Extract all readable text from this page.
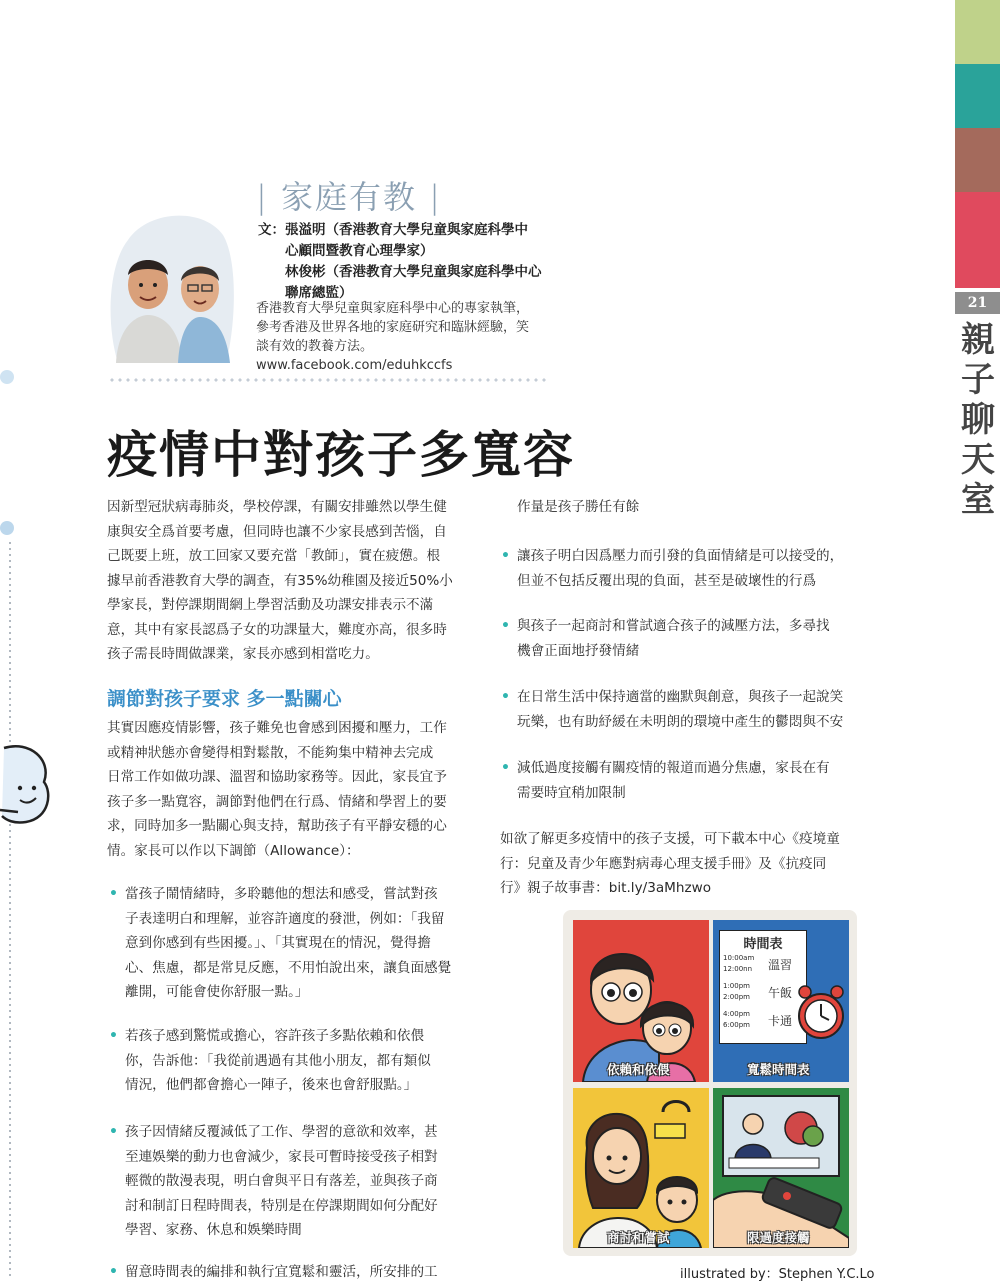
21
親
子
聊
天
室
| 家庭有教 |
文：張溢明（香港教育大學兒童與家庭科學中
心顧問暨教育心理學家）
林俊彬（香港教育大學兒童與家庭科學中心
聯席總監）
香港教育大學兒童與家庭科學中心的專家執筆，
參考香港及世界各地的家庭研究和臨牀經驗，笑
談有效的教養方法。www.facebook.com/eduhkccfs
疫情中對孩子多寬容
因新型冠狀病毒肺炎，學校停課，有關安排雖然以學生健
康與安全爲首要考慮，但同時也讓不少家長感到苦惱，自
己既要上班，放工回家又要充當「教師」，實在疲憊。根
據早前香港教育大學的調查，有35%幼稚園及接近50%小
學家長，對停課期間網上學習活動及功課安排表示不滿
意，其中有家長認爲子女的功課量大，難度亦高，很多時
孩子需長時間做課業，家長亦感到相當吃力。
調節對孩子要求 多一點關心
其實因應疫情影響，孩子難免也會感到困擾和壓力，工作
或精神狀態亦會變得相對鬆散，不能夠集中精神去完成
日常工作如做功課、溫習和協助家務等。因此，家長宜予
孩子多一點寬容，調節對他們在行爲、情緒和學習上的要
求，同時加多一點關心與支持，幫助孩子有平靜安穩的心
情。家長可以作以下調節（Allowance）：
• 當孩子鬧情緒時，多聆聽他的想法和感受，嘗試對孩
子表達明白和理解，並容許適度的發泄，例如：「我留
意到你感到有些困擾。」、「其實現在的情況，覺得擔
心、焦慮，都是常見反應，不用怕說出來，讓負面感覺
離開，可能會使你舒服一點。」
• 若孩子感到驚慌或擔心，容許孩子多點依賴和依偎
你，告訴他：「我從前遇過有其他小朋友，都有類似
情況，他們都會擔心一陣子，後來也會舒服點。」
• 孩子因情緒反覆減低了工作、學習的意欲和效率，甚
至連娛樂的動力也會減少，家長可暫時接受孩子相對
輕微的散漫表現，明白會與平日有落差，並與孩子商
討和制訂日程時間表，特別是在停課期間如何分配好
學習、家務、休息和娛樂時間
• 留意時間表的編排和執行宜寬鬆和靈活，所安排的工
作量是孩子勝任有餘
• 讓孩子明白因爲壓力而引發的負面情緒是可以接受的，
但並不包括反覆出現的負面，甚至是破壞性的行爲
• 與孩子一起商討和嘗試適合孩子的減壓方法，多尋找
機會正面地抒發情緒
• 在日常生活中保持適當的幽默與創意，與孩子一起說笑
玩樂，也有助紓緩在未明朗的環境中產生的鬱悶與不安
• 減低過度接觸有關疫情的報道而過分焦慮，家長在有
需要時宜稍加限制
如欲了解更多疫情中的孩子支援，可下載本中心《疫境童
行：兒童及青少年應對病毒心理支援手冊》及《抗疫同
行》親子故事書：bit.ly/3aMhzwo
依賴和依偎
時間表
10:00am
12:00nn 溫習
1:00pm
2:00pm 午飯
4:00pm
6:00pm 卡通
寬鬆時間表
商討和嘗試	限過度接觸
illustrated by：Stephen Y.C.Lo
